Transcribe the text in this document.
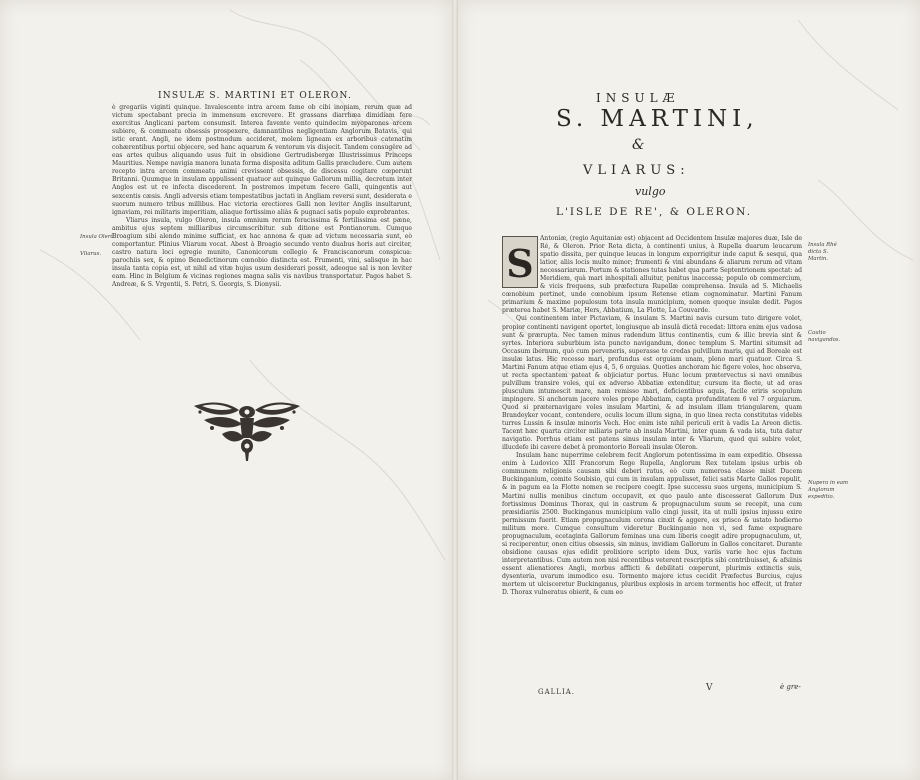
INSULÆ S. MARTINI ET OLERON.
è gregariis viginti quinque. Invalescente intra arcem fame ob cibi inopiam, rerum quæ ad victum spectabant precia in immensum excrevere. Et grassans diarrhæa dimidiam fere exercitus Anglicani partem consumsit. Interea favente vento quindecim myoparones arcem subiere, & commeatu obsessis prospexere, damnantibus negligentiam Anglorum Batavis, qui istic erant. Angli, ne idem postmodum accideret, molem ligneam ex arboribus catenatim cohærentibus portui objecere, sed hanc aquarum & ventorum vis disjecit. Tandem consugêre ad eas artes quibus aliquando usus fuit in obsidione Gertrudisbergæ Illustrissimus Princeps Mauritius. Nempe navigia manora lunata forma disposita aditum Gallis præcludere. Cum autem recepto intra arcem commeatu animi crevissent obsessis, de discessu cogitare cœperunt Britanni. Quumque in insulam appulissent quatuor aut quinque Gallorum millia, decretum inter Anglos est ut re infecta discederent. In postremos impetum fecere Galli, quingentis aut sexcentis cæsis. Angli adversis etiam tempestatibus jactati in Angliam reversi sunt, desiderata e suorum numero tribus millibus. Hac victoria erectiores Galli non leviter Anglis insultarunt, ignaviam, rei militaris imperitiam, aliaque fortissimo aliàs & pugnaci satis populo exprobrantes.

Vliarus insula, vulgo Oleron, insula omnium rerum feracissima & fertilissima est pæne, ambitus ejus septem milliaribus circumscribitur. sub ditione est Pontianorum. Cumque Broagium sibi alendo minime sufficiat, ex hac annona & quæ ad victum necessaria sunt, eò comportantur. Plinius Vliarum vocat. Abest à Broagio secundo vento duabus horis aut circiter, castro natura loci egregie munito, Canonicorum collegio & Franciscanorum conspicua: parochiis sex, & opimo Benedictinorum cœnobio distincta est. Frumenti, vini, salisque in hac insula tanta copia est, ut nihil ad vitæ hujus usum desiderari possit, adeoque sal is non leviter eam. Hinc in Belgium & vicinas regiones magna salis vis navibus transportatur. Pagos habet S. Andreæ, & S. Vrgentii, S. Petri, S. Georgis, S. Dionysii.
Insula Olerõ.
Vliarus.
INSULÆ
S. MARTINI,
&
VLIARUS:
vulgo
L'ISLE DE RE', & OLERON.
Antoniæ, (regio Aquitaniæ est) objacent ad Occidentem Insulæ majores duæ, Isle de Ré, & Oleron. Prior Reta dicta, à continenti unius, à Rupella duarum leucarum spatio dissita, per quinque leucas in longum exporrigitur inde caput & sesqui, qua latior, aliis locis multo minor; frumenti & vini abundans & aliarum rerum ad vitam necessariarum. Portum & stationes tutas habet qua parte Septentrionem spectat: ad Meridiem, quà mari inhospitali alluitur, penitus inaccessa; populo ob commercium, & vicis frequens, sub præfectura Rupellæ comprehensa. Insula ad S. Michaelis cœnobium pertinet, unde cœnobium ipsum Retense etiam cognominatur. Martini Fanum primarium & maxime populosum tota insula municipium, nomen quoque insulæ dedit. Pagos præterea habet S. Mariæ, Hers, Abbatium, La Flotte, La Couvarde.
Qui continentem inter Pictaviam, & insulam S. Martini navis cursum tuto dirigere volet, propior continenti navigent oportet, longiusque ab insulâ dictâ recedat: littora enim ejus vadosa sunt & prærupta. Nec tamen minus radendum littus continentis, cum & illic brevia sint & syrtes. Interiora suburbium ista puncto navigandum, donec templum S. Martini situmsit ad Occasum ibernum, quò cum perveneris, superasse te credas pulvillum maris, qui ad Boreale est insulæ latus. Hic recesso mari, profundus est orguiam unam, pleno mari quatuor. Circa S. Martini Fanum atque etiam ejus 4, 5, 6 orguias. Quoties anchoram hic figere voles, hoc observa, ut recta spectantem pateat & objiciatur portus. Hunc locum prætervectus si navi omnibus pulvillum transire voles, qui ex adverso Abbatiæ extenditur, cursum ita flecte, ut ad oras plusculum intumescit mare, nam remisso mari, deficientibus aquis, facile eriris scopulum impingere. Si anchoram jacere voles prope Abbatiam, capta profunditatem 6 vel 7 orguiarum. Quod si præternavigare voles insulam Martini, & ad insulam illam triangularem, quam Brandeyker vocant, contendere, oculis locum illum signa, in quo linea recta constitutas videbis turres Lussin & insulæ minoris Vech. Hoc enim iste nihil periculi erit à vadis La Areon dictis. Tacent hæc quarta circiter miliaris parte ab insula Martini, inter quam & vada ista, tuta datur navigatio. Porrhus etiam est patens sinus insulam inter & Vliarum, quod qui subire volet, illucdefe ibi cavere debet à promontorio Boreali insulæ Oleron.
Insulam hanc nuperrime celebrem fecit Anglorum potentissima in eam expeditio. Obsessa enim à Ludovico XIII Francorum Rege Rupella, Anglorum Rex tutelam ipsius urbis ob communem religionis causam sibi deberi ratus, eò cum numerosa classe misit Ducem Buckinganium, comite Soubisio, qui cum in insulam appulisset, felici satis Marte Gallos repulit, & in pagum ea la Flotte nomen se recipere coegit. Ipse successu suos urgens, municipium S. Martini nullis menibus cinctum occupavit, ex quo paulo ante discesserat Gallorum Dux fortissimus Dominus Thorax, qui in castrum & propugnaculum suum se recepit, una cum præsidiariis 2500. Buckinganus municipium vallo cingi jussit, ita ut nulli ipsius injussu exire permissum fuerit. Etiam propugnaculum corona cinxit & aggere, ex prisco & ustato hodierno militum more. Cumque consultum videretur Buckinganio non vi, sed fame expugnare propugnaculum, ecetaginta Gallorum feminas una cum liberis coegit adire propugnaculum, ut, si reciperentur, onen citius obsessis, sin minus, invidiam Gallorum in Gallos concitaret. Durante obsidione causas ejus edidit prolixiore scripto idem Dux, variis varie hoc ejus factum interpretantibus. Cum autem non nisi recentibus veterent rescriptis sibi contribuisset, & afsiinis essent alienatiores Angli, morbus afflicti & debilitati cœperunt, plurimis extinctis suis, dysenteria, uvarum immodico esu. Tormento majore ictus cecidit Præfectus Burcius, cujus mortem ut ulcisceretur Buckinganus, pluribus explosis in arcem tormentis hoc effecit, ut frater D. Thorax vulneratus obierit, & cum eo
S	Insula Rhé dicta S. Martin.
Cautio navigandos.
Nupera in eam Anglorum expeditio.
GALLIA.	V	è gre-
